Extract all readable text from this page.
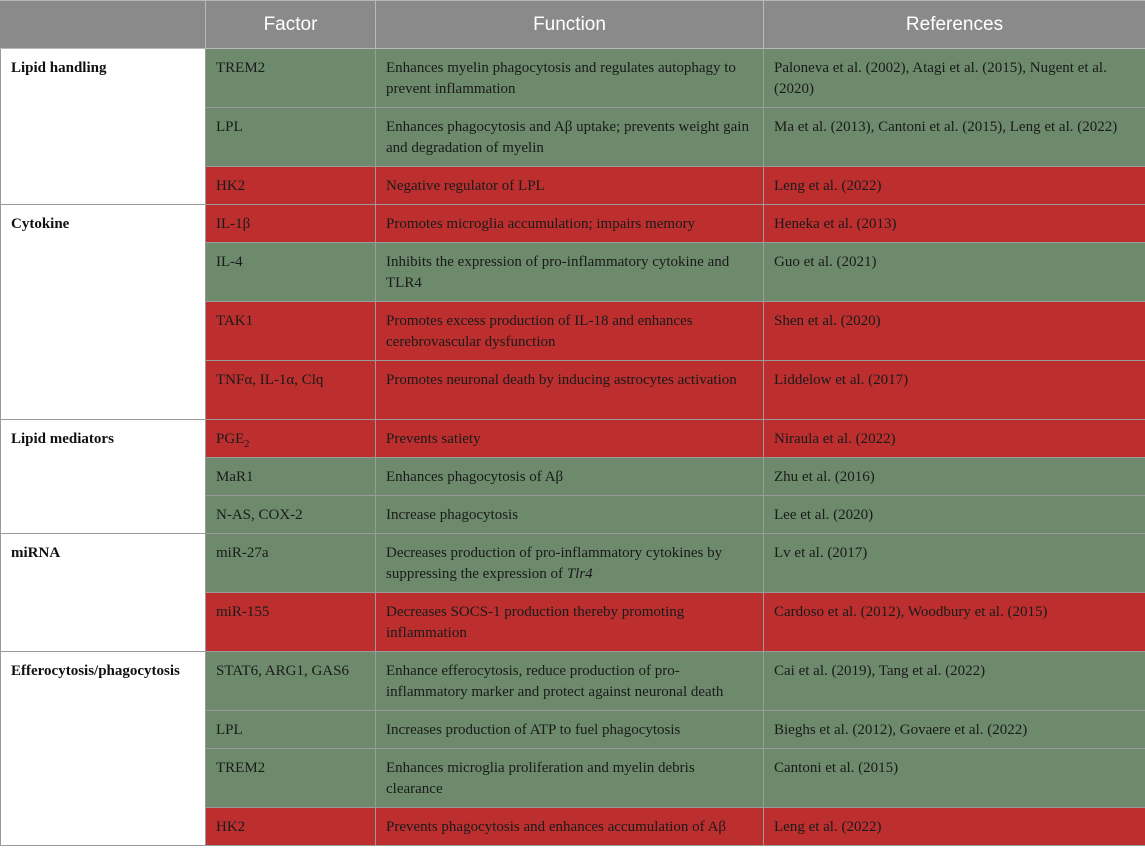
	Factor	Function	References
Lipid handling	TREM2	Enhances myelin phagocytosis and regulates autophagy to prevent inflammation	Paloneva et al. (2002), Atagi et al. (2015), Nugent et al. (2020)
	LPL	Enhances phagocytosis and Aβ uptake; prevents weight gain and degradation of myelin	Ma et al. (2013), Cantoni et al. (2015), Leng et al. (2022)
	HK2	Negative regulator of LPL	Leng et al. (2022)
Cytokine	IL-1β	Promotes microglia accumulation; impairs memory	Heneka et al. (2013)
	IL-4	Inhibits the expression of pro-inflammatory cytokine and TLR4	Guo et al. (2021)
	TAK1	Promotes excess production of IL-18 and enhances cerebrovascular dysfunction	Shen et al. (2020)
	TNFα, IL-1α, Clq	Promotes neuronal death by inducing astrocytes activation	Liddelow et al. (2017)
Lipid mediators	$PGE_2$	Prevents satiety	Niraula et al. (2022)
	MaR1	Enhances phagocytosis of Aβ	Zhu et al. (2016)
	N-AS, COX-2	Increase phagocytosis	Lee et al. (2020)
miRNA	miR-27a	Decreases production of pro-inflammatory cytokines by suppressing the expression of Tlr4	Lv et al. (2017)
	miR-155	Decreases SOCS-1 production thereby promoting inflammation	Cardoso et al. (2012), Woodbury et al. (2015)
Efferocytosis/phagocytosis	STAT6, ARG1, GAS6	Enhance efferocytosis, reduce production of pro-inflammatory marker and protect against neuronal death	Cai et al. (2019), Tang et al. (2022)
	LPL	Increases production of ATP to fuel phagocytosis	Bieghs et al. (2012), Govaere et al. (2022)
	TREM2	Enhances microglia proliferation and myelin debris clearance	Cantoni et al. (2015)
	HK2	Prevents phagocytosis and enhances accumulation of Aβ	Leng et al. (2022)
